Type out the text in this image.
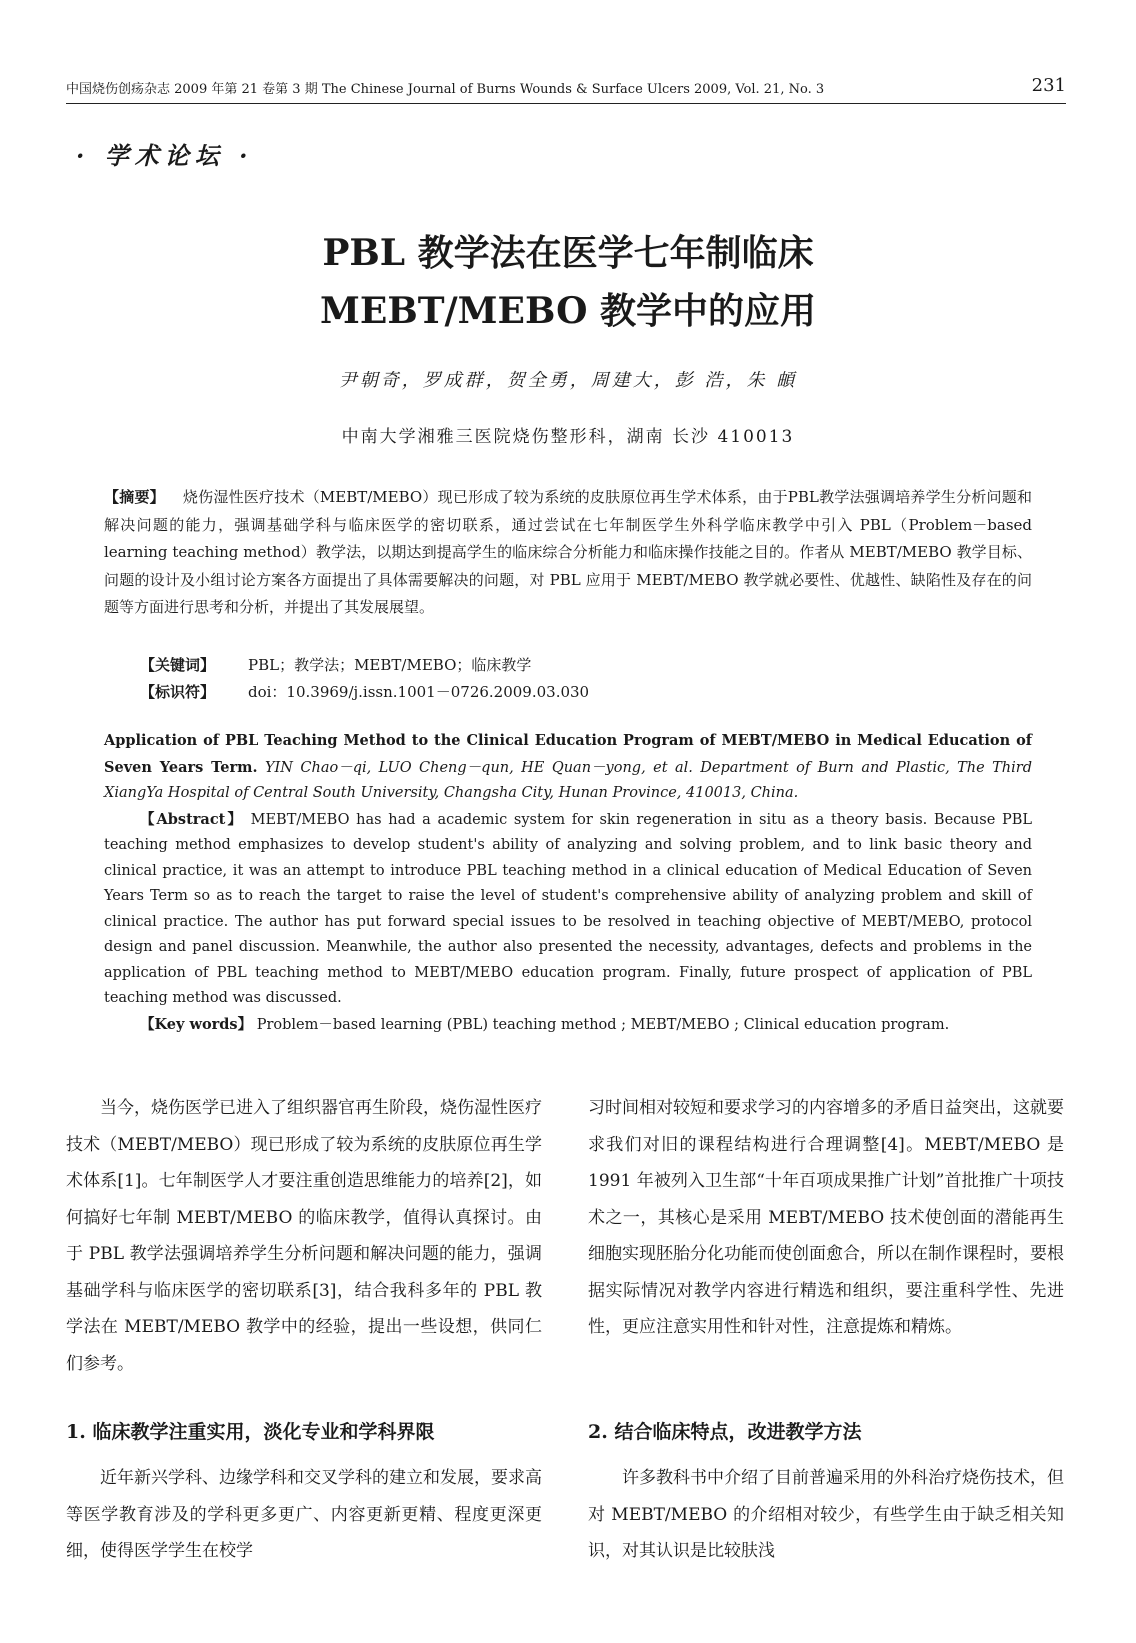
中国烧伤创疡杂志 2009 年第 21 卷第 3 期 The Chinese Journal of Burns Wounds & Surface Ulcers 2009, Vol. 21, No. 3	231
· 学术论坛 ·
PBL 教学法在医学七年制临床
MEBT/MEBO 教学中的应用
尹朝奇，罗成群，贺全勇，周建大，彭 浩，朱 頔
中南大学湘雅三医院烧伤整形科，湖南 长沙 410013
【摘要】 烧伤湿性医疗技术（MEBT/MEBO）现已形成了较为系统的皮肤原位再生学术体系，由于PBL教学法强调培养学生分析问题和解决问题的能力，强调基础学科与临床医学的密切联系，通过尝试在七年制医学生外科学临床教学中引入 PBL（Problem－based learning teaching method）教学法，以期达到提高学生的临床综合分析能力和临床操作技能之目的。作者从 MEBT/MEBO 教学目标、问题的设计及小组讨论方案各方面提出了具体需要解决的问题，对 PBL 应用于 MEBT/MEBO 教学就必要性、优越性、缺陷性及存在的问题等方面进行思考和分析，并提出了其发展展望。
【关键词】 PBL；教学法；MEBT/MEBO；临床教学
【标识符】 doi：10.3969/j.issn.1001－0726.2009.03.030
Application of PBL Teaching Method to the Clinical Education Program of MEBT/MEBO in Medical Education of Seven Years Term. YIN Chao－qi, LUO Cheng－qun, HE Quan－yong, et al. Department of Burn and Plastic, The Third XiangYa Hospital of Central South University, Changsha City, Hunan Province, 410013, China.
【Abstract】 MEBT/MEBO has had a academic system for skin regeneration in situ as a theory basis. Because PBL teaching method emphasizes to develop student's ability of analyzing and solving problem, and to link basic theory and clinical practice, it was an attempt to introduce PBL teaching method in a clinical education of Medical Education of Seven Years Term so as to reach the target to raise the level of student's comprehensive ability of analyzing problem and skill of clinical practice. The author has put forward special issues to be resolved in teaching objective of MEBT/MEBO, protocol design and panel discussion. Meanwhile, the author also presented the necessity, advantages, defects and problems in the application of PBL teaching method to MEBT/MEBO education program. Finally, future prospect of application of PBL teaching method was discussed.
【Key words】 Problem－based learning (PBL) teaching method ; MEBT/MEBO ; Clinical education program.
当今，烧伤医学已进入了组织器官再生阶段，烧伤湿性医疗技术（MEBT/MEBO）现已形成了较为系统的皮肤原位再生学术体系[1]。七年制医学人才要注重创造思维能力的培养[2]，如何搞好七年制 MEBT/MEBO 的临床教学，值得认真探讨。由于 PBL 教学法强调培养学生分析问题和解决问题的能力，强调基础学科与临床医学的密切联系[3]，结合我科多年的 PBL 教学法在 MEBT/MEBO 教学中的经验，提出一些设想，供同仁们参考。
习时间相对较短和要求学习的内容增多的矛盾日益突出，这就要求我们对旧的课程结构进行合理调整[4]。MEBT/MEBO 是 1991 年被列入卫生部“十年百项成果推广计划”首批推广十项技术之一，其核心是采用 MEBT/MEBO 技术使创面的潜能再生细胞实现胚胎分化功能而使创面愈合，所以在制作课程时，要根据实际情况对教学内容进行精选和组织，要注重科学性、先进性，更应注意实用性和针对性，注意提炼和精炼。
1. 临床教学注重实用，淡化专业和学科界限	2. 结合临床特点，改进教学方法
近年新兴学科、边缘学科和交叉学科的建立和发展，要求高等医学教育涉及的学科更多更广、内容更新更精、程度更深更细，使得医学学生在校学
许多教科书中介绍了目前普遍采用的外科治疗烧伤技术，但对 MEBT/MEBO 的介绍相对较少，有些学生由于缺乏相关知识，对其认识是比较肤浅
